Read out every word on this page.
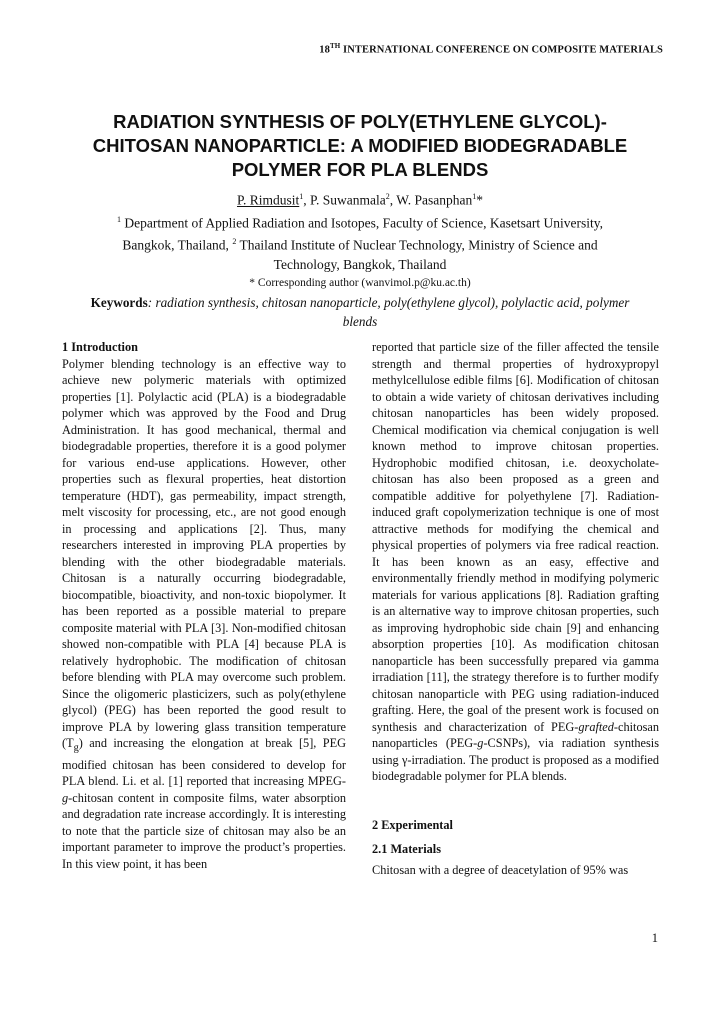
18TH INTERNATIONAL CONFERENCE ON COMPOSITE MATERIALS
RADIATION SYNTHESIS OF POLY(ETHYLENE GLYCOL)-
CHITOSAN NANOPARTICLE: A MODIFIED BIODEGRADABLE
POLYMER FOR PLA BLENDS
P. Rimdusit$^1$, P. Suwanmala$^2$, W. Pasanphan$^1$*
$^1$ Department of Applied Radiation and Isotopes, Faculty of Science, Kasetsart University,
Bangkok, Thailand, $^2$ Thailand Institute of Nuclear Technology, Ministry of Science and
Technology, Bangkok, Thailand
* Corresponding author (wanvimol.p@ku.ac.th)
Keywords: radiation synthesis, chitosan nanoparticle, poly(ethylene glycol), polylactic acid, polymer blends
1 Introduction

Polymer blending technology is an effective way to achieve new polymeric materials with optimized properties [1]. Polylactic acid (PLA) is a biodegradable polymer which was approved by the Food and Drug Administration. It has good mechanical, thermal and biodegradable properties, therefore it is a good polymer for various end-use applications. However, other properties such as flexural properties, heat distortion temperature (HDT), gas permeability, impact strength, melt viscosity for processing, etc., are not good enough in processing and applications [2]. Thus, many researchers interested in improving PLA properties by blending with the other biodegradable materials. Chitosan is a naturally occurring biodegradable, biocompatible, bioactivity, and non-toxic biopolymer. It has been reported as a possible material to prepare composite material with PLA [3]. Non-modified chitosan showed non-compatible with PLA [4] because PLA is relatively hydrophobic. The modification of chitosan before blending with PLA may overcome such problem. Since the oligomeric plasticizers, such as poly(ethylene glycol) (PEG) has been reported the good result to improve PLA by lowering glass transition temperature $(T_g)$ and increasing the elongation at break [5], PEG modified chitosan has been considered to develop for PLA blend. Li. et al. [1] reported that increasing MPEG-g-chitosan content in composite films, water absorption and degradation rate increase accordingly. It is interesting to note that the particle size of chitosan may also be an important parameter to improve the product’s properties. In this view point, it has been

reported that particle size of the filler affected the tensile strength and thermal properties of hydroxypropyl methylcellulose edible films [6]. Modification of chitosan to obtain a wide variety of chitosan derivatives including chitosan nanoparticles has been widely proposed. Chemical modification via chemical conjugation is well known method to improve chitosan properties. Hydrophobic modified chitosan, i.e. deoxycholate-chitosan has also been proposed as a green and compatible additive for polyethylene [7]. Radiation-induced graft copolymerization technique is one of most attractive methods for modifying the chemical and physical properties of polymers via free radical reaction. It has been known as an easy, effective and environmentally friendly method in modifying polymeric materials for various applications [8]. Radiation grafting is an alternative way to improve chitosan properties, such as improving hydrophobic side chain [9] and enhancing absorption properties [10]. As modification chitosan nanoparticle has been successfully prepared via gamma irradiation [11], the strategy therefore is to further modify chitosan nanoparticle with PEG using radiation-induced grafting. Here, the goal of the present work is focused on synthesis and characterization of PEG-grafted-chitosan nanoparticles (PEG-g-CSNPs), via radiation synthesis using γ-irradiation. The product is proposed as a modified biodegradable polymer for PLA blends.

2 Experimental
2.1 Materials

Chitosan with a degree of deacetylation of 95% was

1
